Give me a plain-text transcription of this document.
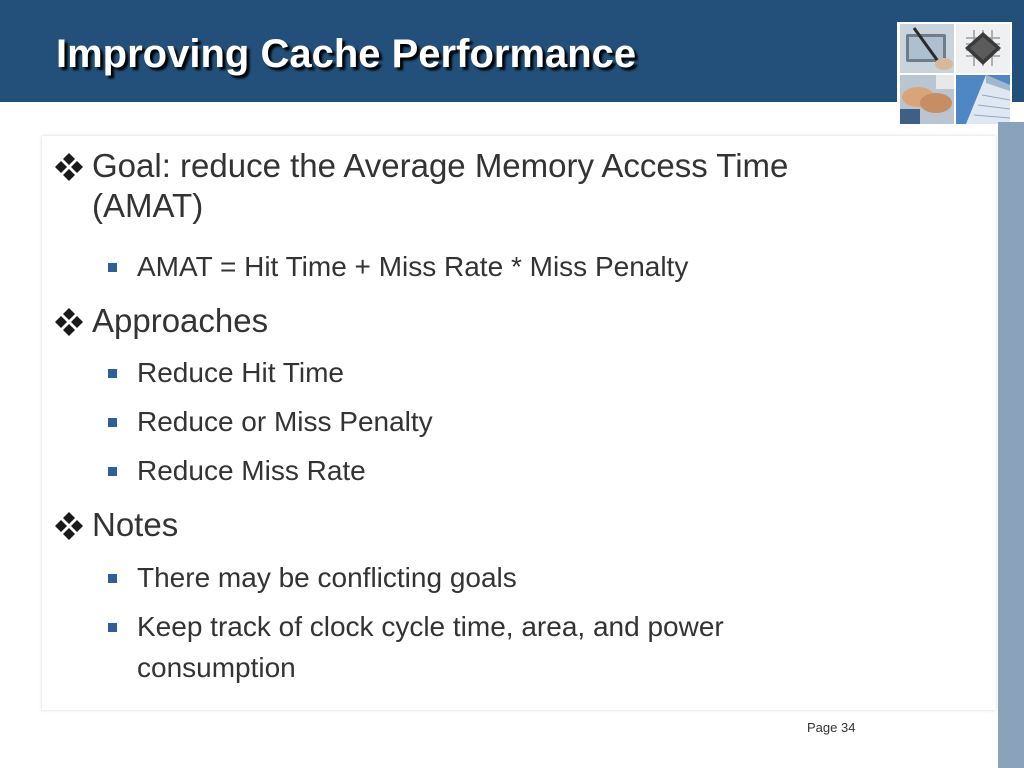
Improving Cache Performance
Goal: reduce the Average Memory Access Time
(AMAT)
AMAT = Hit Time + Miss Rate * Miss Penalty
Approaches
Reduce Hit Time
Reduce or Miss Penalty
Reduce Miss Rate
Notes
There may be conflicting goals
Keep track of clock cycle time, area, and power
consumption
Page 34
